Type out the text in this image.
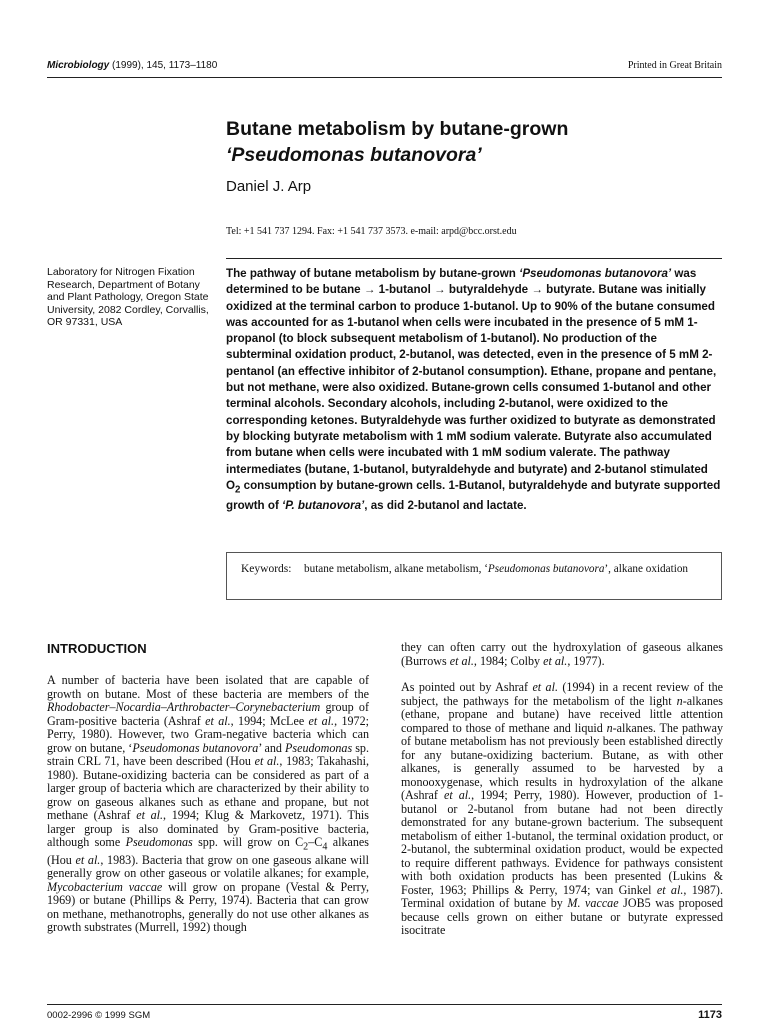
Microbiology (1999), 145, 1173–1180	Printed in Great Britain
Butane metabolism by butane-grown
‘Pseudomonas butanovora’
Daniel J. Arp
Tel: +1 541 737 1294. Fax: +1 541 737 3573. e-mail: arpd@bcc.orst.edu
Laboratory for Nitrogen Fixation Research, Department of Botany and Plant Pathology, Oregon State University, 2082 Cordley, Corvallis, OR 97331, USA
The pathway of butane metabolism by butane-grown ‘Pseudomonas butanovora’ was determined to be butane → 1-butanol → butyraldehyde → butyrate. Butane was initially oxidized at the terminal carbon to produce 1-butanol. Up to 90% of the butane consumed was accounted for as 1-butanol when cells were incubated in the presence of 5 mM 1-propanol (to block subsequent metabolism of 1-butanol). No production of the subterminal oxidation product, 2-butanol, was detected, even in the presence of 5 mM 2-pentanol (an effective inhibitor of 2-butanol consumption). Ethane, propane and pentane, but not methane, were also oxidized. Butane-grown cells consumed 1-butanol and other terminal alcohols. Secondary alcohols, including 2-butanol, were oxidized to the corresponding ketones. Butyraldehyde was further oxidized to butyrate as demonstrated by blocking butyrate metabolism with 1 mM sodium valerate. Butyrate also accumulated from butane when cells were incubated with 1 mM sodium valerate. The pathway intermediates (butane, 1-butanol, butyraldehyde and butyrate) and 2-butanol stimulated $O_2$ consumption by butane-grown cells. 1-Butanol, butyraldehyde and butyrate supported growth of ‘P. butanovora’, as did 2-butanol and lactate.
Keywords: butane metabolism, alkane metabolism, ‘Pseudomonas butanovora’, alkane oxidation
INTRODUCTION

A number of bacteria have been isolated that are capable of growth on butane. Most of these bacteria are members of the Rhodobacter–Nocardia–Arthrobacter–Corynebacterium group of Gram-positive bacteria (Ashraf et al., 1994; McLee et al., 1972; Perry, 1980). However, two Gram-negative bacteria which can grow on butane, ‘Pseudomonas butanovora’ and Pseudomonas sp. strain CRL 71, have been described (Hou et al., 1983; Takahashi, 1980). Butane-oxidizing bacteria can be considered as part of a larger group of bacteria which are characterized by their ability to grow on gaseous alkanes such as ethane and propane, but not methane (Ashraf et al., 1994; Klug & Markovetz, 1971). This larger group is also dominated by Gram-positive bacteria, although some Pseudomonas spp. will grow on $C_2-C_4$ alkanes (Hou et al., 1983). Bacteria that grow on one gaseous alkane will generally grow on other gaseous or volatile alkanes; for example, Mycobacterium vaccae will grow on propane (Vestal & Perry, 1969) or butane (Phillips & Perry, 1974). Bacteria that can grow on methane, methanotrophs, generally do not use other alkanes as growth substrates (Murrell, 1992) though

they can often carry out the hydroxylation of gaseous alkanes (Burrows et al., 1984; Colby et al., 1977).

As pointed out by Ashraf et al. (1994) in a recent review of the subject, the pathways for the metabolism of the light n-alkanes (ethane, propane and butane) have received little attention compared to those of methane and liquid n-alkanes. The pathway of butane metabolism has not previously been established directly for any butane-oxidizing bacterium. Butane, as with other alkanes, is generally assumed to be harvested by a monooxygenase, which results in hydroxylation of the alkane (Ashraf et al., 1994; Perry, 1980). However, production of 1-butanol or 2-butanol from butane had not been directly demonstrated for any butane-grown bacterium. The subsequent metabolism of either 1-butanol, the terminal oxidation product, or 2-butanol, the subterminal oxidation product, would be expected to require different pathways. Evidence for pathways consistent with both oxidation products has been presented (Lukins & Foster, 1963; Phillips & Perry, 1974; van Ginkel et al., 1987). Terminal oxidation of butane by M. vaccae JOB5 was proposed because cells grown on either butane or butyrate expressed isocitrate

0002-2996 © 1999 SGM	1173
